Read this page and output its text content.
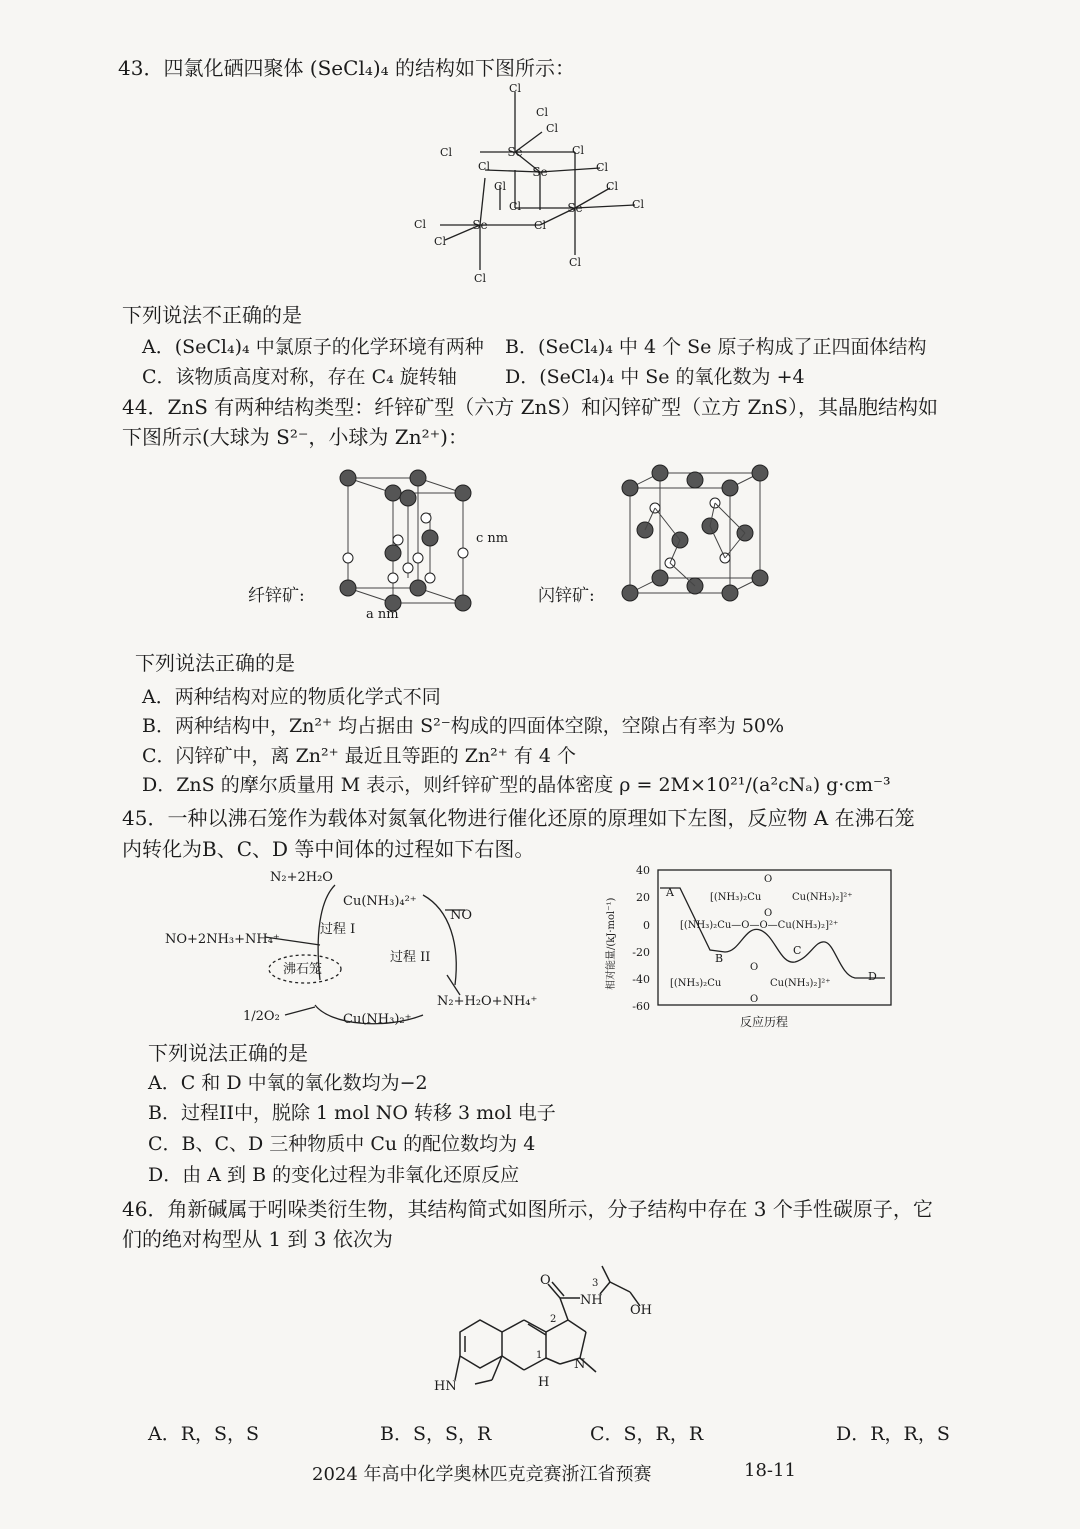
43．四氯化硒四聚体 (SeCl₄)₄ 的结构如下图所示：
Cl
Cl
Cl
Cl	Se	Cl
Cl	Se	Cl
Cl	Cl
Cl	Se	Cl
Cl	Se	Cl
Cl
Cl
Cl
下列说法不正确的是
A．(SeCl₄)₄ 中氯原子的化学环境有两种 B．(SeCl₄)₄ 中 4 个 Se 原子构成了正四面体结构
C．该物质高度对称，存在 C₄ 旋转轴	D．(SeCl₄)₄ 中 Se 的氧化数为 +4
44．ZnS 有两种结构类型：纤锌矿型（六方 ZnS）和闪锌矿型（立方 ZnS），其晶胞结构如
下图所示(大球为 S²⁻，小球为 Zn²⁺)：
c nm
a nm
纤锌矿:	闪锌矿:
下列说法正确的是
A．两种结构对应的物质化学式不同
B．两种结构中，Zn²⁺ 均占据由 S²⁻构成的四面体空隙，空隙占有率为 50%
C．闪锌矿中，离 Zn²⁺ 最近且等距的 Zn²⁺ 有 4 个
D．ZnS 的摩尔质量用 M 表示，则纤锌矿型的晶体密度 ρ = 2M×10²¹/(a²cNₐ) g·cm⁻³
45．一种以沸石笼作为载体对氮氧化物进行催化还原的原理如下左图，反应物 A 在沸石笼
内转化为B、C、D 等中间体的过程如下右图。
N₂+2H₂O
Cu(NH₃)₄²⁺
NO
NO+2NH₃+NH₄⁺
过程 I
过程 II
沸石笼
1/2O₂	Cu(NH₃)₂⁺
N₂+H₂O+NH₄⁺
40
20
0
-20
-40
-60
A
B
C
D
[(NH₃)₂Cu	Cu(NH₃)₂]²⁺
O
O
[(NH₃)₂Cu—O—O—Cu(NH₃)₂]²⁺
[(NH₃)₂Cu	Cu(NH₃)₂]²⁺
O
O
反应历程
相对能量/(kJ·mol⁻¹)
下列说法正确的是
A．C 和 D 中氧的氧化数均为−2
B．过程II中，脱除 1 mol NO 转移 3 mol 电子
C．B、C、D 三种物质中 Cu 的配位数均为 4
D．由 A 到 B 的变化过程为非氧化还原反应
46．角新碱属于吲哚类衍生物，其结构简式如图所示，分子结构中存在 3 个手性碳原子，它
们的绝对构型从 1 到 3 依次为
O
NH
OH
N
H
HN
1
2
3
A．R，S，S	B．S，S，R	C．S，R，R	D．R，R，S
2024 年高中化学奥林匹克竞赛浙江省预赛	18-11
